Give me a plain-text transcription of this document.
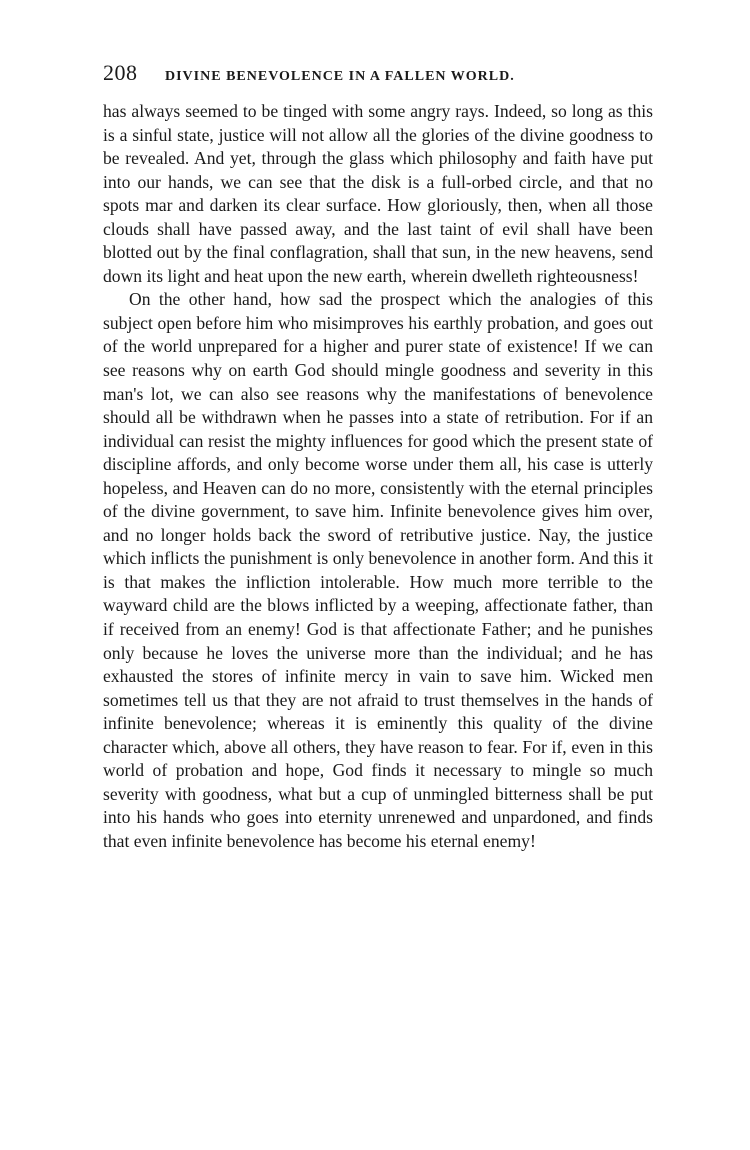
208	DIVINE BENEVOLENCE IN A FALLEN WORLD.

has always seemed to be tinged with some angry rays. Indeed, so long as this is a sinful state, justice will not allow all the glories of the divine goodness to be revealed. And yet, through the glass which philosophy and faith have put into our hands, we can see that the disk is a full-orbed circle, and that no spots mar and darken its clear surface. How gloriously, then, when all those clouds shall have passed away, and the last taint of evil shall have been blotted out by the final conflagration, shall that sun, in the new heavens, send down its light and heat upon the new earth, wherein dwelleth righteousness!

On the other hand, how sad the prospect which the analogies of this subject open before him who misimproves his earthly probation, and goes out of the world unprepared for a higher and purer state of existence! If we can see reasons why on earth God should mingle goodness and severity in this man's lot, we can also see reasons why the manifestations of benevolence should all be withdrawn when he passes into a state of retribution. For if an individual can resist the mighty influences for good which the present state of discipline affords, and only become worse under them all, his case is utterly hopeless, and Heaven can do no more, consistently with the eternal principles of the divine government, to save him. Infinite benevolence gives him over, and no longer holds back the sword of retributive justice. Nay, the justice which inflicts the punishment is only benevolence in another form. And this it is that makes the infliction intolerable. How much more terrible to the wayward child are the blows inflicted by a weeping, affectionate father, than if received from an enemy! God is that affectionate Father; and he punishes only because he loves the universe more than the individual; and he has exhausted the stores of infinite mercy in vain to save him. Wicked men sometimes tell us that they are not afraid to trust themselves in the hands of infinite benevolence; whereas it is eminently this quality of the divine character which, above all others, they have reason to fear. For if, even in this world of probation and hope, God finds it necessary to mingle so much severity with goodness, what but a cup of unmingled bitterness shall be put into his hands who goes into eternity unrenewed and unpardoned, and finds that even infinite benevolence has become his eternal enemy!
